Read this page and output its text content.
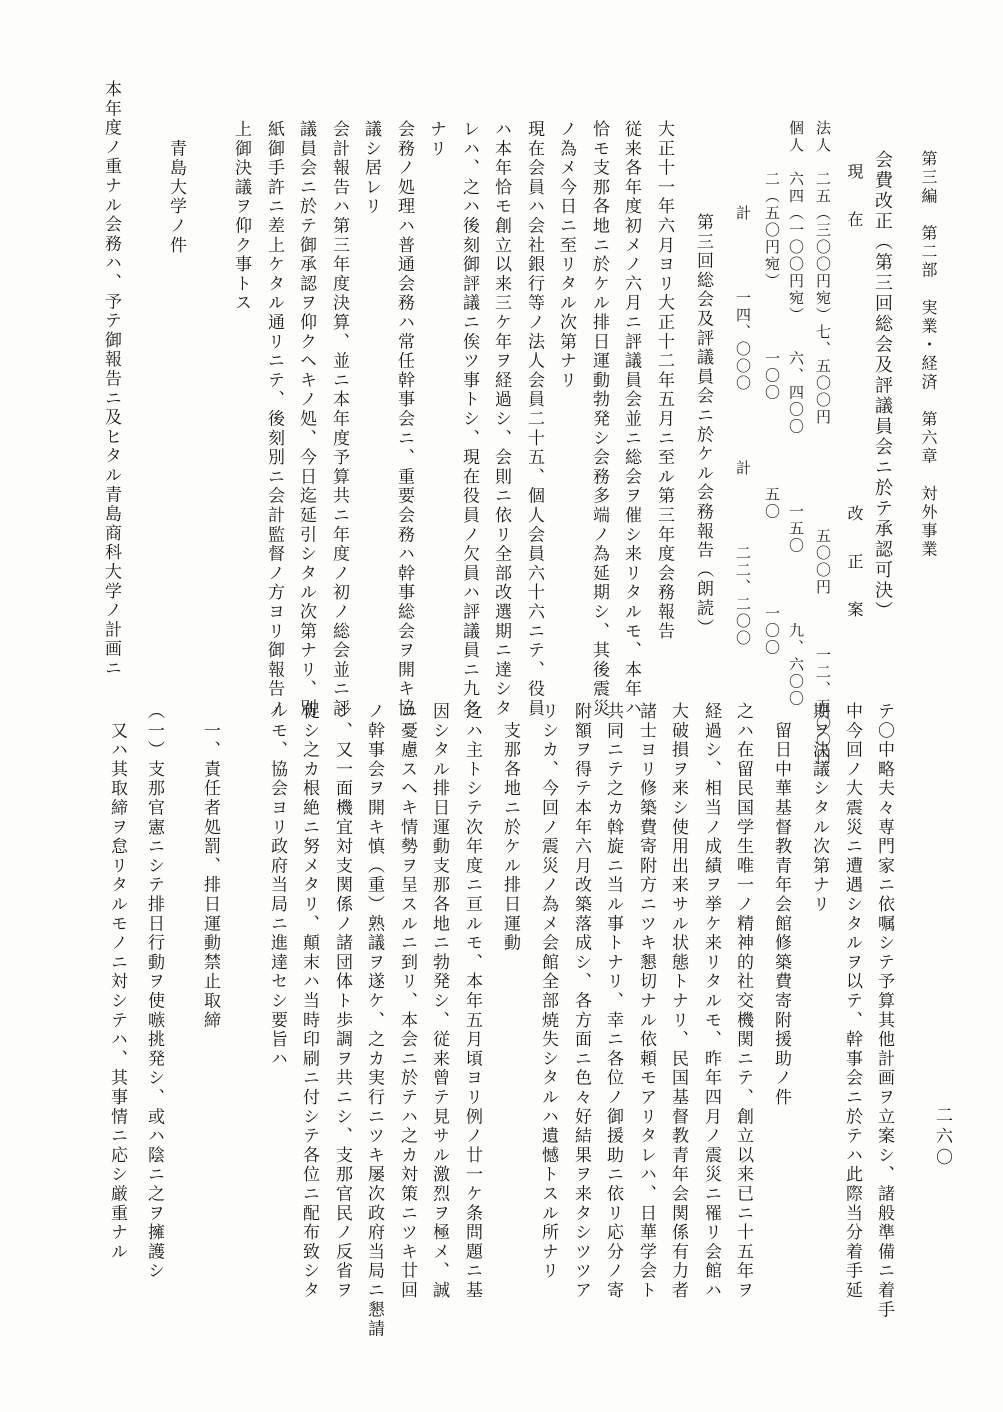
第三編　第二部　実業・経済　第六章　対外事業
二六〇
会費改正（第三回総会及評議員会ニ於テ承認可決）
現　在
改　正　案
法人　二五（三〇〇円宛）七、五〇〇円　　　　　　五〇〇円　　　一二、五〇〇円
個人　六四（一〇〇円宛）　　六、四〇〇　　　　一五〇　　　　九、六〇〇
　　　二（五〇円宛）　　　　一〇〇　　　　　五〇　　　　　一〇〇
　　　　　計　　　　一四、〇〇〇　　　　計　　　　二二、二〇〇
第三回総会及評議員会ニ於ケル会務報告（朗読）
大正十一年六月ヨリ大正十二年五月ニ至ル第三年度会務報告
従来各年度初メノ六月ニ評議員会並ニ総会ヲ催シ来リタルモ、本年ハ
恰モ支那各地ニ於ケル排日運動勃発シ会務多端ノ為延期シ、其後震災
ノ為メ今日ニ至リタル次第ナリ
現在会員ハ会社銀行等ノ法人会員二十五、個人会員六十六ニテ、役員
ハ本年恰モ創立以来三ケ年ヲ経過シ、会則ニ依リ全部改選期ニ達シタ
レハ、之ハ後刻御評議ニ俟ツ事トシ、現在役員ノ欠員ハ評議員ニ九名
ナリ
会務ノ処理ハ普通会務ハ常任幹事会ニ、重要会務ハ幹事総会ヲ開キ協
議シ居レリ
会計報告ハ第三年度決算、並ニ本年度予算共ニ年度ノ初ノ総会並ニ評
議員会ニ於テ御承認ヲ仰クヘキノ処、今日迄延引シタル次第ナリ、別
紙御手許ニ差上ケタル通リニテ、後刻別ニ会計監督ノ方ヨリ御報告ノ
上御決議ヲ仰ク事トス
　青島大学ノ件
本年度ノ重ナル会務ハ、予テ御報告ニ及ヒタル青島商科大学ノ計画ニ
テ〇中略夫々専門家ニ依嘱シテ予算其他計画ヲ立案シ、諸般準備ニ着手
中今回ノ大震災ニ遭遇シタルヲ以テ、幹事会ニ於テハ此際当分着手延
期ヲ決議シタル次第ナリ
　留日中華基督教青年会館修築費寄附援助ノ件
之ハ在留民国学生唯一ノ精神的社交機関ニテ、創立以来已ニ十五年ヲ
経過シ、相当ノ成績ヲ挙ケ来リタルモ、昨年四月ノ震災ニ罹リ会館ハ
大破損ヲ来シ使用出来サル状態トナリ、民国基督教青年会関係有力者
諸士ヨリ修築費寄附方ニツキ懇切ナル依頼モアリタレハ、日華学会ト
共同ニテ之カ斡旋ニ当ル事トナリ、幸ニ各位ノ御援助ニ依リ応分ノ寄
附額ヲ得テ本年六月改築落成シ、各方面ニ色々好結果ヲ来タシツツア
リシカ、今回ノ震災ノ為メ会館全部焼失シタルハ遺憾トスル所ナリ
　支那各地ニ於ケル排日運動
之ハ主トシテ次年度ニ亘ルモ、本年五月頃ヨリ例ノ廿一ケ条問題ニ基
因シタル排日運動支那各地ニ勃発シ、従来曾テ見サル激烈ヲ極メ、誠
ニ憂慮スヘキ情勢ヲ呈スルニ到リ、本会ニ於テハ之カ対策ニツキ廿回
ノ幹事会ヲ開キ慎（重）熟議ヲ遂ケ、之カ実行ニツキ屡次政府当局ニ懇請
シ、又一面機宜対支関係ノ諸団体ト歩調ヲ共ニシ、支那官民ノ反省ヲ
促シ之カ根絶ニ努メタリ、顛末ハ当時印刷ニ付シテ各位ニ配布致シタ
ルモ、協会ヨリ政府当局ニ進達セシ要旨ハ
　一、責任者処罰、排日運動禁止取締
（一）支那官憲ニシテ排日行動ヲ使嗾挑発シ、或ハ陰ニ之ヲ擁護シ
　又ハ其取締ヲ怠リタルモノニ対シテハ、其事情ニ応シ厳重ナル
